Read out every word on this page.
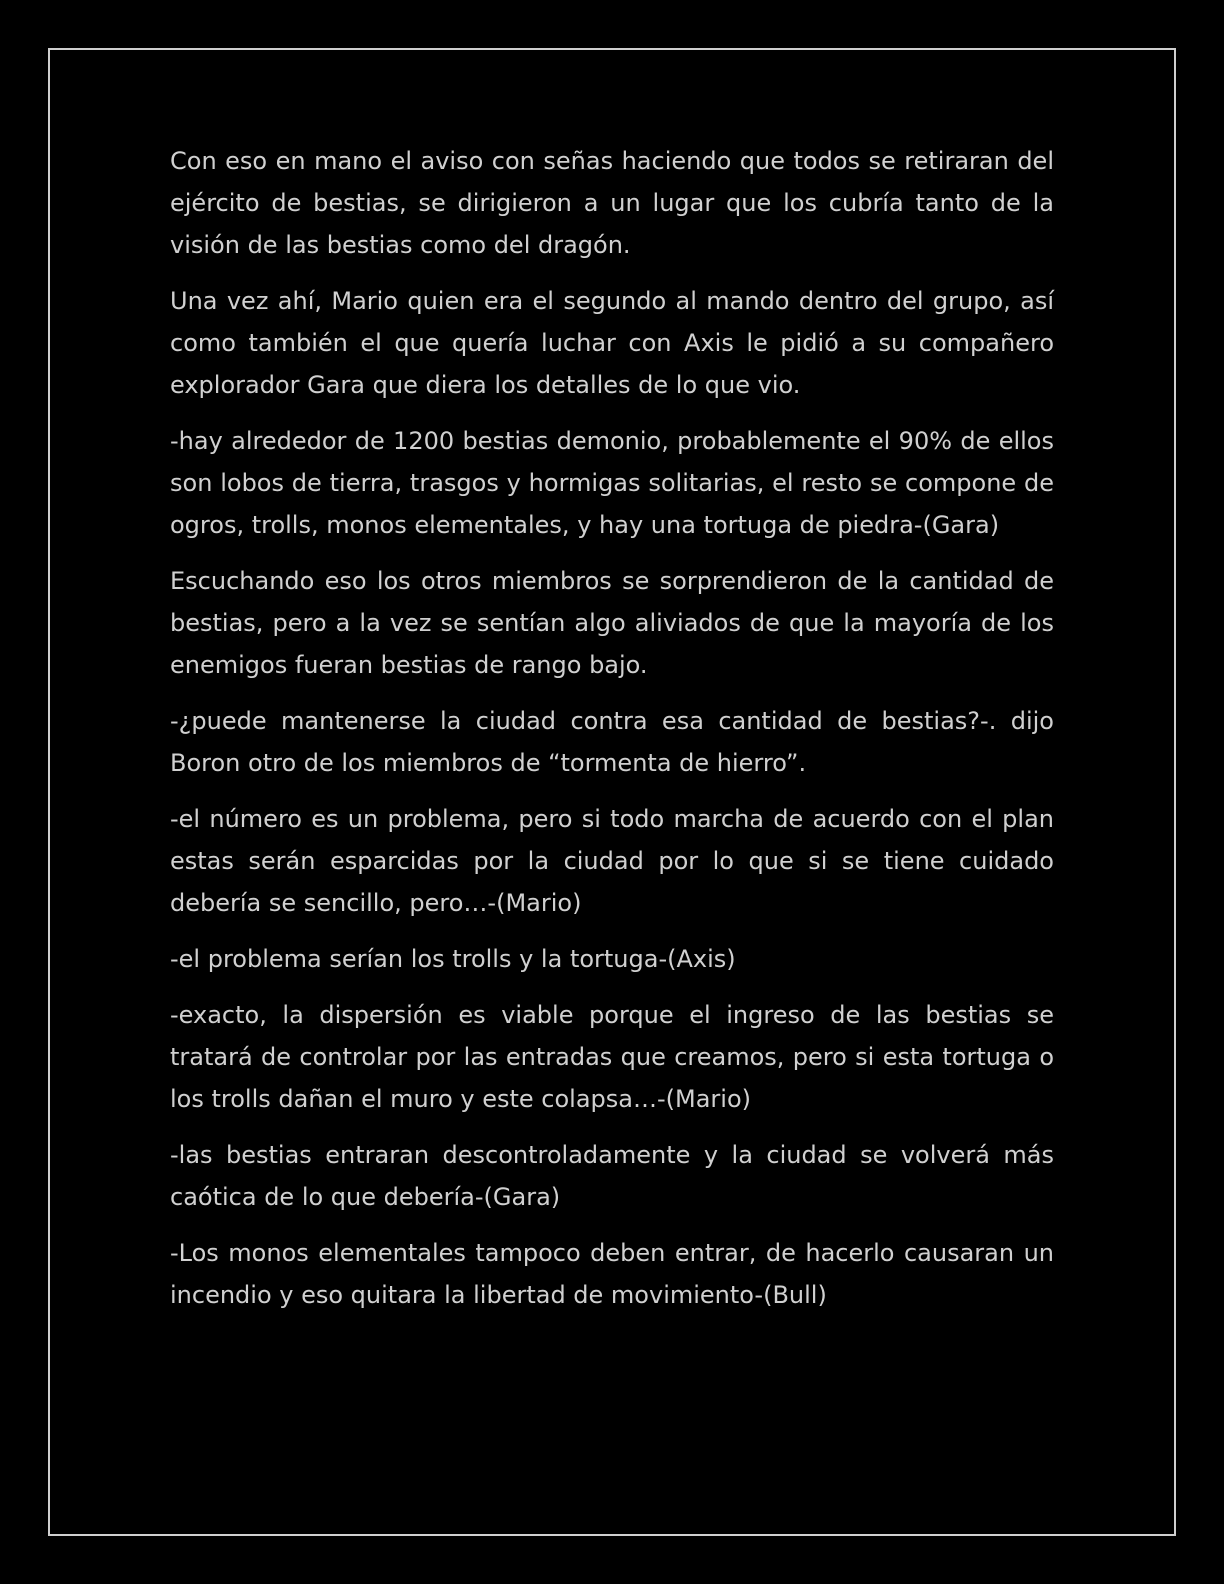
Con eso en mano el aviso con señas haciendo que todos se retiraran del ejército de bestias, se dirigieron a un lugar que los cubría tanto de la visión de las bestias como del dragón.

Una vez ahí, Mario quien era el segundo al mando dentro del grupo, así como también el que quería luchar con Axis le pidió a su compañero explorador Gara que diera los detalles de lo que vio.

-hay alrededor de 1200 bestias demonio, probablemente el 90% de ellos son lobos de tierra, trasgos y hormigas solitarias, el resto se compone de ogros, trolls, monos elementales, y hay una tortuga de piedra-(Gara)

Escuchando eso los otros miembros se sorprendieron de la cantidad de bestias, pero a la vez se sentían algo aliviados de que la mayoría de los enemigos fueran bestias de rango bajo.

-¿puede mantenerse la ciudad contra esa cantidad de bestias?-. dijo Boron otro de los miembros de “tormenta de hierro”.

-el número es un problema, pero si todo marcha de acuerdo con el plan estas serán esparcidas por la ciudad por lo que si se tiene cuidado debería se sencillo, pero…-(Mario)

-el problema serían los trolls y la tortuga-(Axis)

-exacto, la dispersión es viable porque el ingreso de las bestias se tratará de controlar por las entradas que creamos, pero si esta tortuga o los trolls dañan el muro y este colapsa…-(Mario)

-las bestias entraran descontroladamente y la ciudad se volverá más caótica de lo que debería-(Gara)

-Los monos elementales tampoco deben entrar, de hacerlo causaran un incendio y eso quitara la libertad de movimiento-(Bull)
